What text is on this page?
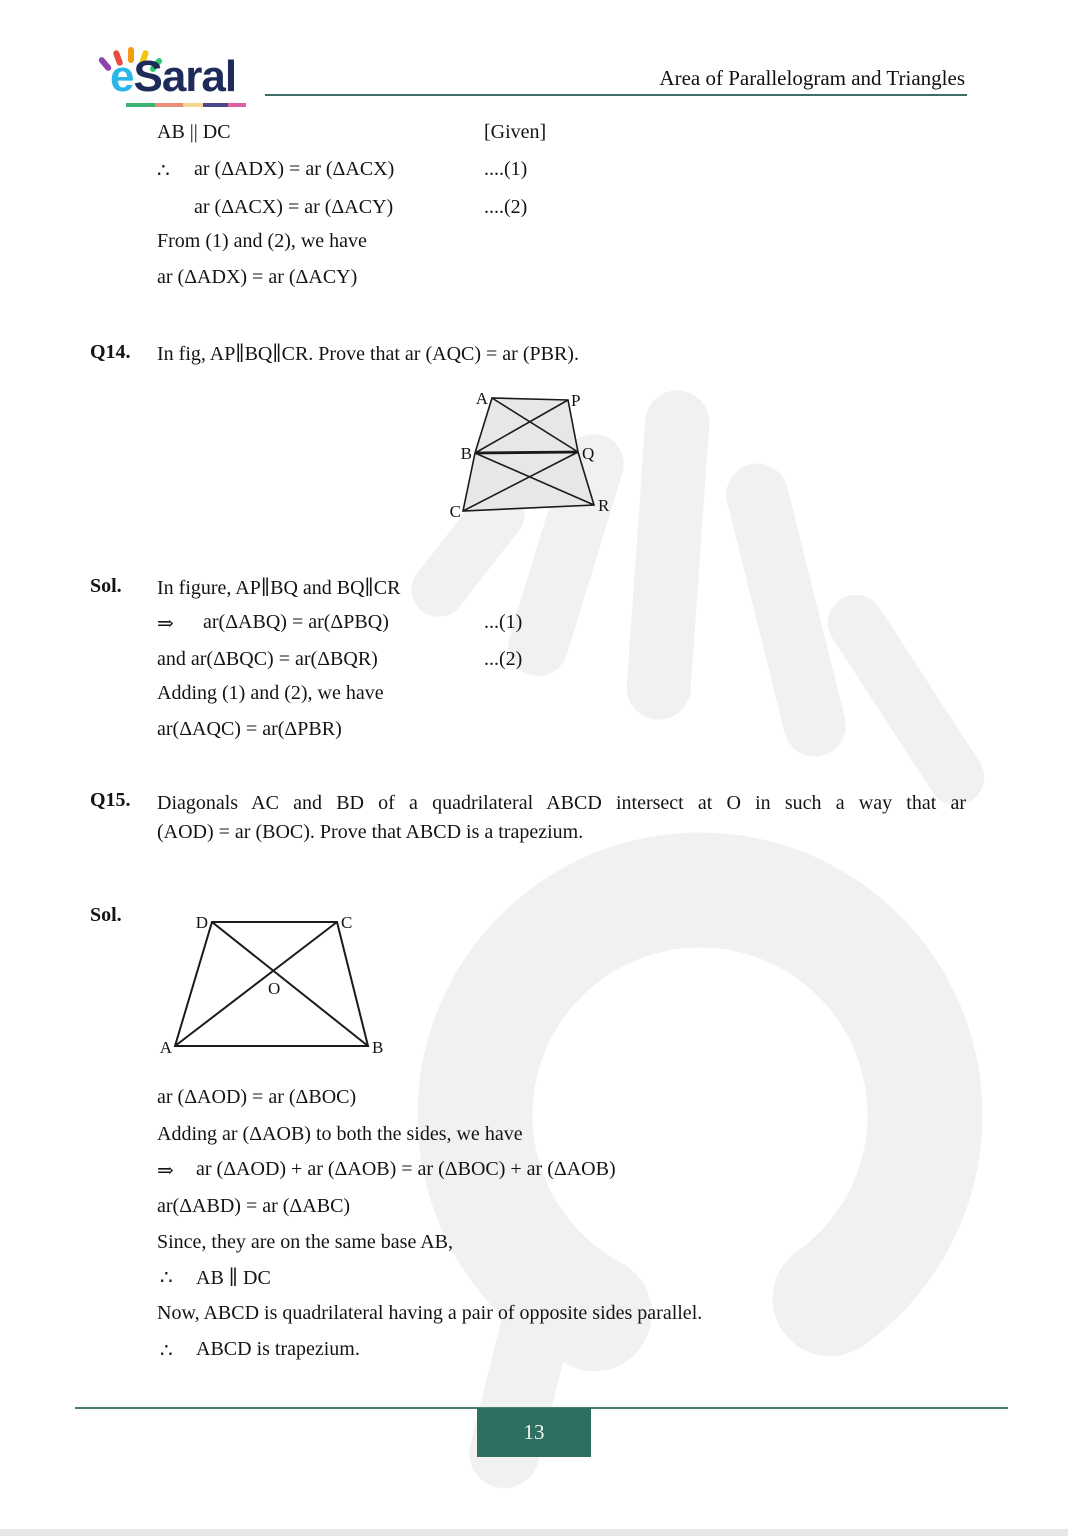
eSaral	Area of Parallelogram and Triangles
AB || DC	[Given]
∴ ar (ΔADX) = ar (ΔACX)	....(1)
ar (ΔACX) = ar (ΔACY)	....(2)
From (1) and (2), we have
ar (ΔADX) = ar (ΔACY)
Q14. In fig, AP∥BQ∥CR. Prove that ar (AQC) = ar (PBR).
A	P
B	Q
C	R
Sol. In figure, AP∥BQ and BQ∥CR
⇒ ar(ΔABQ) = ar(ΔPBQ)	...(1)
and ar(ΔBQC) = ar(ΔBQR)	...(2)
Adding (1) and (2), we have
ar(ΔAQC) = ar(ΔPBR)
Q15. Diagonals AC and BD of a quadrilateral ABCD intersect at O in such a way that ar
(AOD) = ar (BOC). Prove that ABCD is a trapezium.
Sol.	D	C
A	B
O
ar (ΔAOD) = ar (ΔBOC)
Adding ar (ΔAOB) to both the sides, we have
⇒ ar (ΔAOD) + ar (ΔAOB) = ar (ΔBOC) + ar (ΔAOB)
ar(ΔABD) = ar (ΔABC)
Since, they are on the same base AB,
∴ AB ∥ DC
Now, ABCD is quadrilateral having a pair of opposite sides parallel.
∴ ABCD is trapezium.
13
